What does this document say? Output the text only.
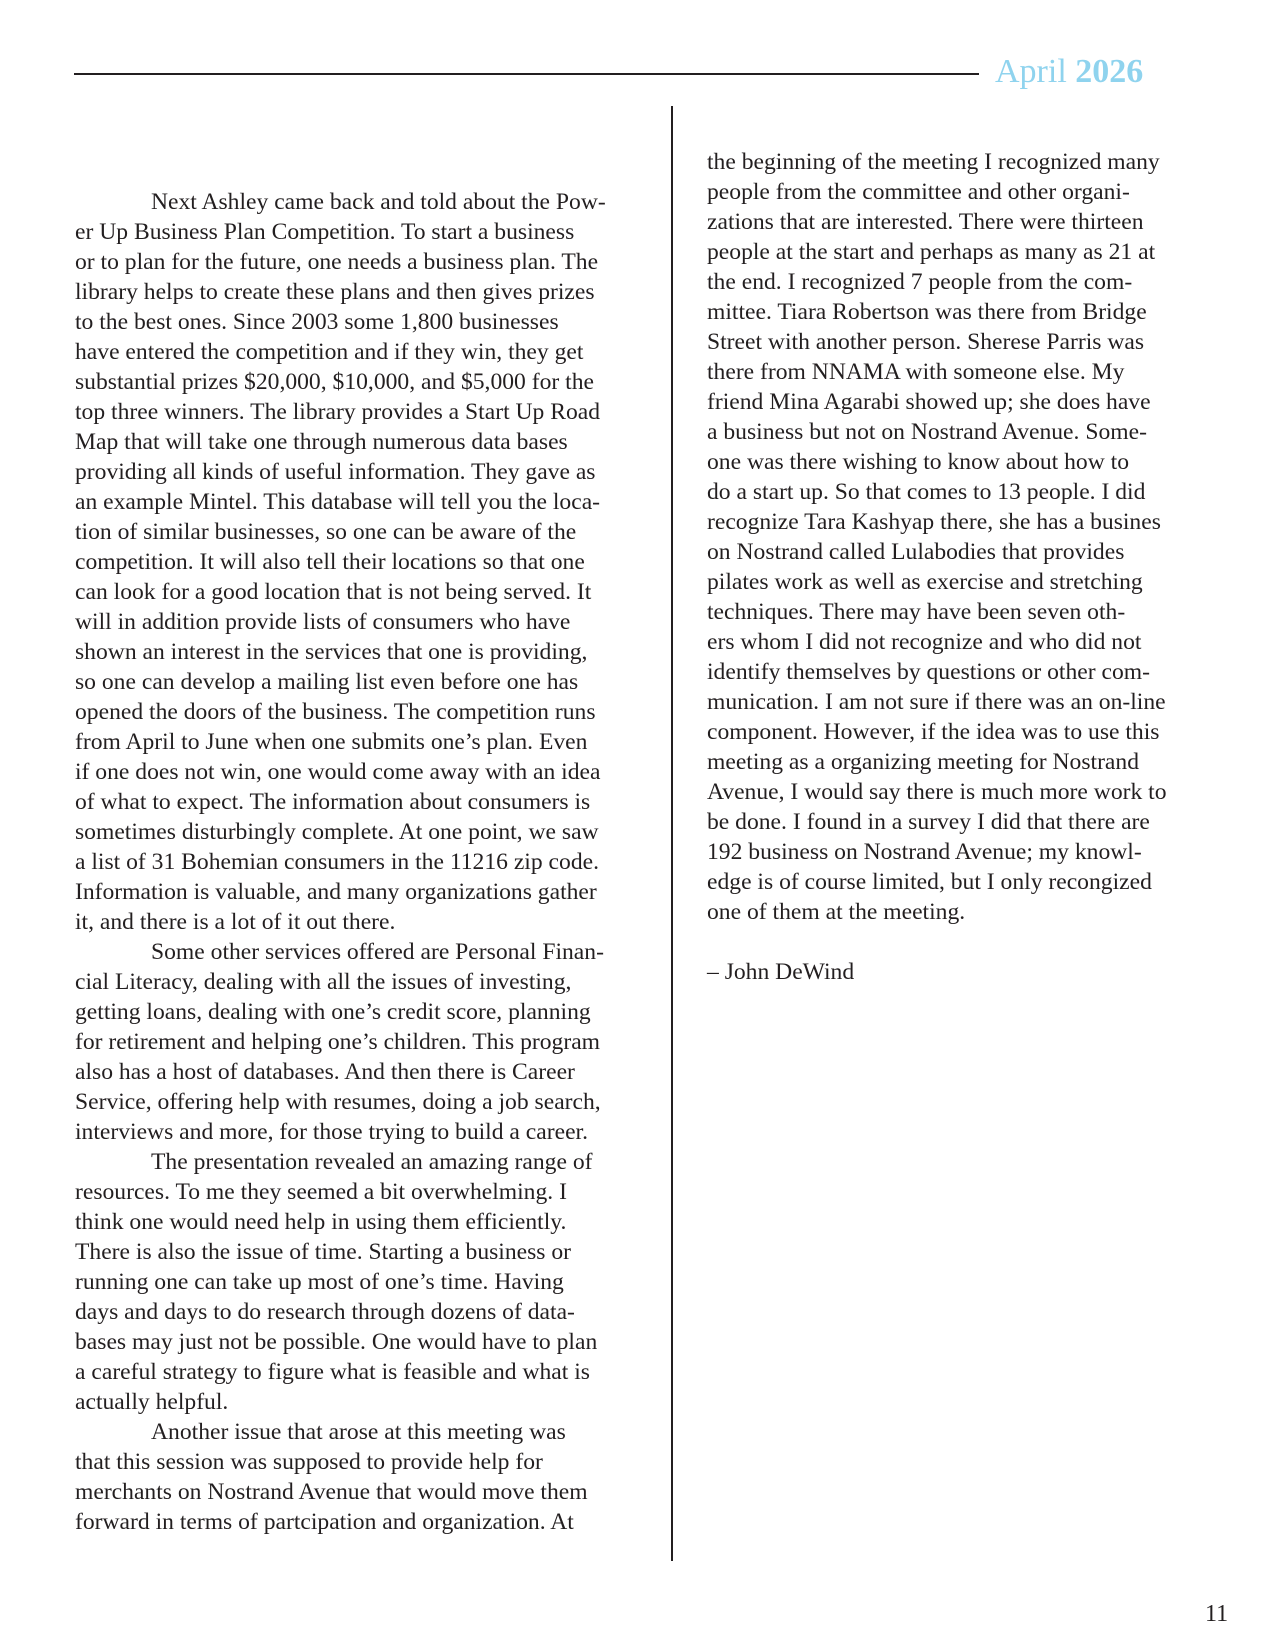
April 2026
Next Ashley came back and told about the Pow-
er Up Business Plan Competition. To start a business
or to plan for the future, one needs a business plan. The
library helps to create these plans and then gives prizes
to the best ones. Since 2003 some 1,800 businesses
have entered the competition and if they win, they get
substantial prizes $20,000, $10,000, and $5,000 for the
top three winners. The library provides a Start Up Road
Map that will take one through numerous data bases
providing all kinds of useful information. They gave as
an example Mintel. This database will tell you the loca-
tion of similar businesses, so one can be aware of the
competition. It will also tell their locations so that one
can look for a good location that is not being served. It
will in addition provide lists of consumers who have
shown an interest in the services that one is providing,
so one can develop a mailing list even before one has
opened the doors of the business. The competition runs
from April to June when one submits one’s plan. Even
if one does not win, one would come away with an idea
of what to expect. The information about consumers is
sometimes disturbingly complete. At one point, we saw
a list of 31 Bohemian consumers in the 11216 zip code.
Information is valuable, and many organizations gather
it, and there is a lot of it out there.
Some other services offered are Personal Finan-
cial Literacy, dealing with all the issues of investing,
getting loans, dealing with one’s credit score, planning
for retirement and helping one’s children. This program
also has a host of databases. And then there is Career
Service, offering help with resumes, doing a job search,
interviews and more, for those trying to build a career.
The presentation revealed an amazing range of
resources. To me they seemed a bit overwhelming. I
think one would need help in using them efficiently.
There is also the issue of time. Starting a business or
running one can take up most of one’s time. Having
days and days to do research through dozens of data-
bases may just not be possible. One would have to plan
a careful strategy to figure what is feasible and what is
actually helpful.
Another issue that arose at this meeting was
that this session was supposed to provide help for
merchants on Nostrand Avenue that would move them
forward in terms of partcipation and organization. At
the beginning of the meeting I recognized many
people from the committee and other organi-
zations that are interested. There were thirteen
people at the start and perhaps as many as 21 at
the end. I recognized 7 people from the com-
mittee. Tiara Robertson was there from Bridge
Street with another person. Sherese Parris was
there from NNAMA with someone else. My
friend Mina Agarabi showed up; she does have
a business but not on Nostrand Avenue. Some-
one was there wishing to know about how to
do a start up. So that comes to 13 people. I did
recognize Tara Kashyap there, she has a busines
on Nostrand called Lulabodies that provides
pilates work as well as exercise and stretching
techniques. There may have been seven oth-
ers whom I did not recognize and who did not
identify themselves by questions or other com-
munication. I am not sure if there was an on-line
component. However, if the idea was to use this
meeting as a organizing meeting for Nostrand
Avenue, I would say there is much more work to
be done. I found in a survey I did that there are
192 business on Nostrand Avenue; my knowl-
edge is of course limited, but I only recongized
one of them at the meeting.
– John DeWind
11
